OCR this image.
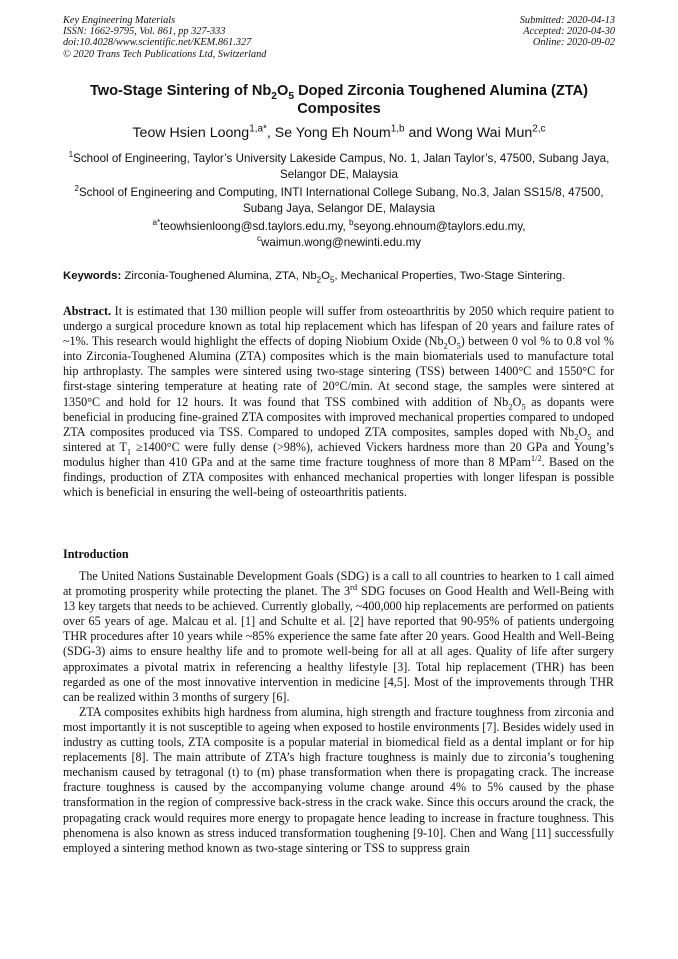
Key Engineering Materials
ISSN: 1662-9795, Vol. 861, pp 327-333
doi:10.4028/www.scientific.net/KEM.861.327
© 2020 Trans Tech Publications Ltd, Switzerland
Submitted: 2020-04-13
Accepted: 2020-04-30
Online: 2020-09-02
Two-Stage Sintering of $Nb_2O_5$ Doped Zirconia Toughened Alumina (ZTA)
Composites
Teow Hsien Loong$^{1,a*}$, Se Yong Eh Noum$^{1,b}$ and Wong Wai Mun$^{2,c}$
$^1$School of Engineering, Taylor’s University Lakeside Campus, No. 1, Jalan Taylor’s, 47500, Subang Jaya, Selangor DE, Malaysia
$^2$School of Engineering and Computing, INTI International College Subang, No.3, Jalan SS15/8, 47500, Subang Jaya, Selangor DE, Malaysia
$^{a*}$teowhsienloong@sd.taylors.edu.my, $^b$seyong.ehnoum@taylors.edu.my,
$^c$waimun.wong@newinti.edu.my
Keywords: Zirconia-Toughened Alumina, ZTA, $Nb_2O_5$, Mechanical Properties, Two-Stage Sintering.

Abstract. It is estimated that 130 million people will suffer from osteoarthritis by 2050 which require patient to undergo a surgical procedure known as total hip replacement which has lifespan of 20 years and failure rates of ~1%. This research would highlight the effects of doping Niobium Oxide $(Nb_2O_5)$ between 0 vol % to 0.8 vol % into Zirconia-Toughened Alumina (ZTA) composites which is the main biomaterials used to manufacture total hip arthroplasty. The samples were sintered using two-stage sintering (TSS) between 1400°C and 1550°C for first-stage sintering temperature at heating rate of 20°C/min. At second stage, the samples were sintered at 1350°C and hold for 12 hours. It was found that TSS combined with addition of $Nb_2O_5$ as dopants were beneficial in producing fine-grained ZTA composites with improved mechanical properties compared to undoped ZTA composites produced via TSS. Compared to undoped ZTA composites, samples doped with $Nb_2O_5$ and sintered at $T_1 \ge 1400^\circ C$ were fully dense (>98%), achieved Vickers hardness more than 20 GPa and Young’s modulus higher than 410 GPa and at the same time fracture toughness of more than 8 MPam$^{1/2}$. Based on the findings, production of ZTA composites with enhanced mechanical properties with longer lifespan is possible which is beneficial in ensuring the well-being of osteoarthritis patients.

Introduction

The United Nations Sustainable Development Goals (SDG) is a call to all countries to hearken to 1 call aimed at promoting prosperity while protecting the planet. The 3rd SDG focuses on Good Health and Well-Being with 13 key targets that needs to be achieved. Currently globally, ~400,000 hip replacements are performed on patients over 65 years of age. Malcau et al. [1] and Schulte et al. [2] have reported that 90-95% of patients undergoing THR procedures after 10 years while ~85% experience the same fate after 20 years. Good Health and Well-Being (SDG-3) aims to ensure healthy life and to promote well-being for all at all ages. Quality of life after surgery approximates a pivotal matrix in referencing a healthy lifestyle [3]. Total hip replacement (THR) has been regarded as one of the most innovative intervention in medicine [4,5]. Most of the improvements through THR can be realized within 3 months of surgery [6].

ZTA composites exhibits high hardness from alumina, high strength and fracture toughness from zirconia and most importantly it is not susceptible to ageing when exposed to hostile environments [7]. Besides widely used in industry as cutting tools, ZTA composite is a popular material in biomedical field as a dental implant or for hip replacements [8]. The main attribute of ZTA’s high fracture toughness is mainly due to zirconia’s toughening mechanism caused by tetragonal (t) to (m) phase transformation when there is propagating crack. The increase fracture toughness is caused by the accompanying volume change around 4% to 5% caused by the phase transformation in the region of compressive back-stress in the crack wake. Since this occurs around the crack, the propagating crack would requires more energy to propagate hence leading to increase in fracture toughness. This phenomena is also known as stress induced transformation toughening [9-10]. Chen and Wang [11] successfully employed a sintering method known as two-stage sintering or TSS to suppress grain
